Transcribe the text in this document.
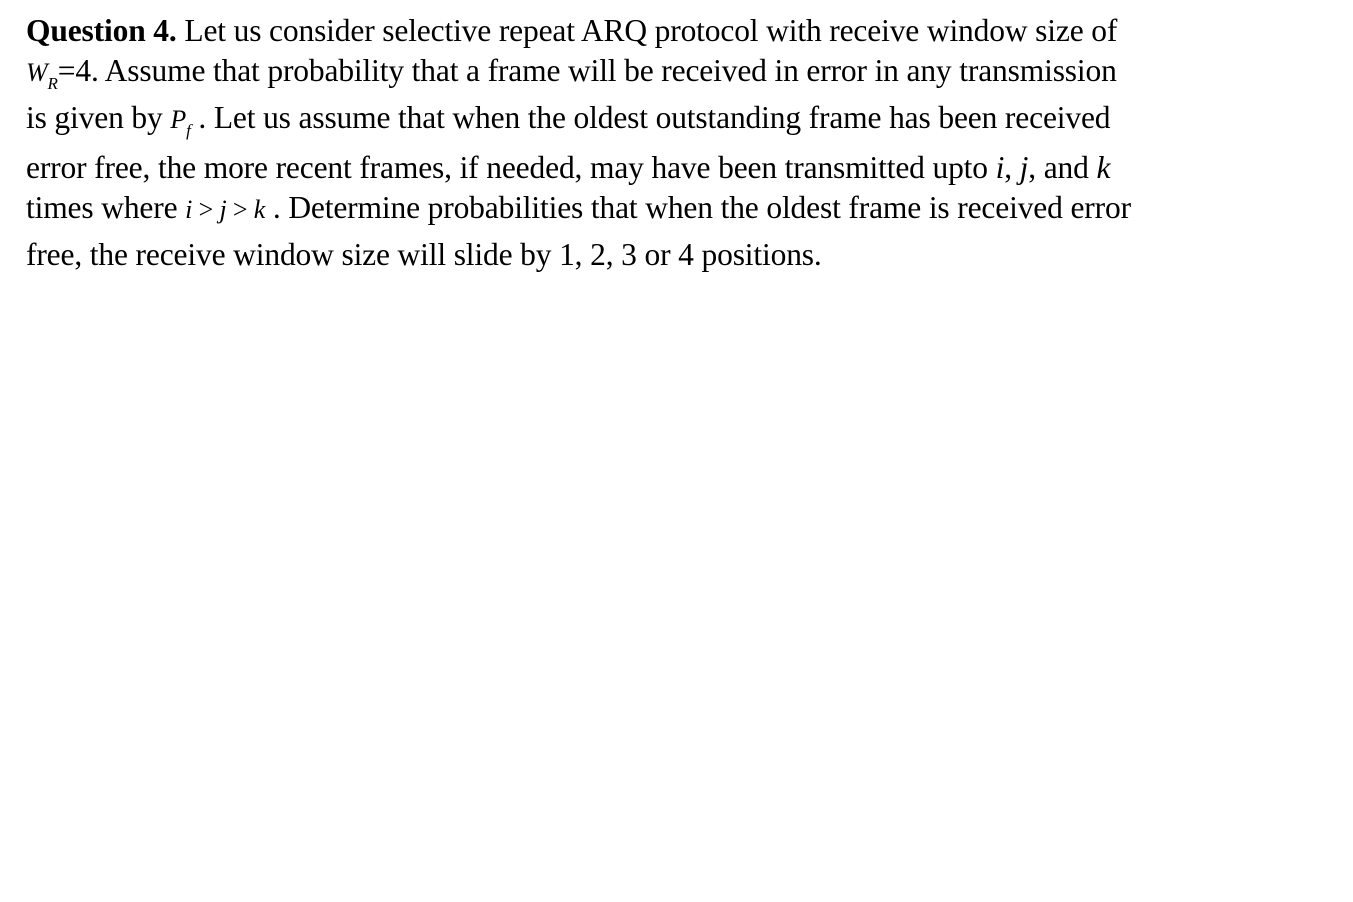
Question 4. Let us consider selective repeat ARQ protocol with receive window size of
$W_R=4$. Assume that probability that a frame will be received in error in any transmission
is given by $P_f$ . Let us assume that when the oldest outstanding frame has been received
error free, the more recent frames, if needed, may have been transmitted upto i, j, and k
times where i > j > k . Determine probabilities that when the oldest frame is received error
free, the receive window size will slide by 1, 2, 3 or 4 positions.
